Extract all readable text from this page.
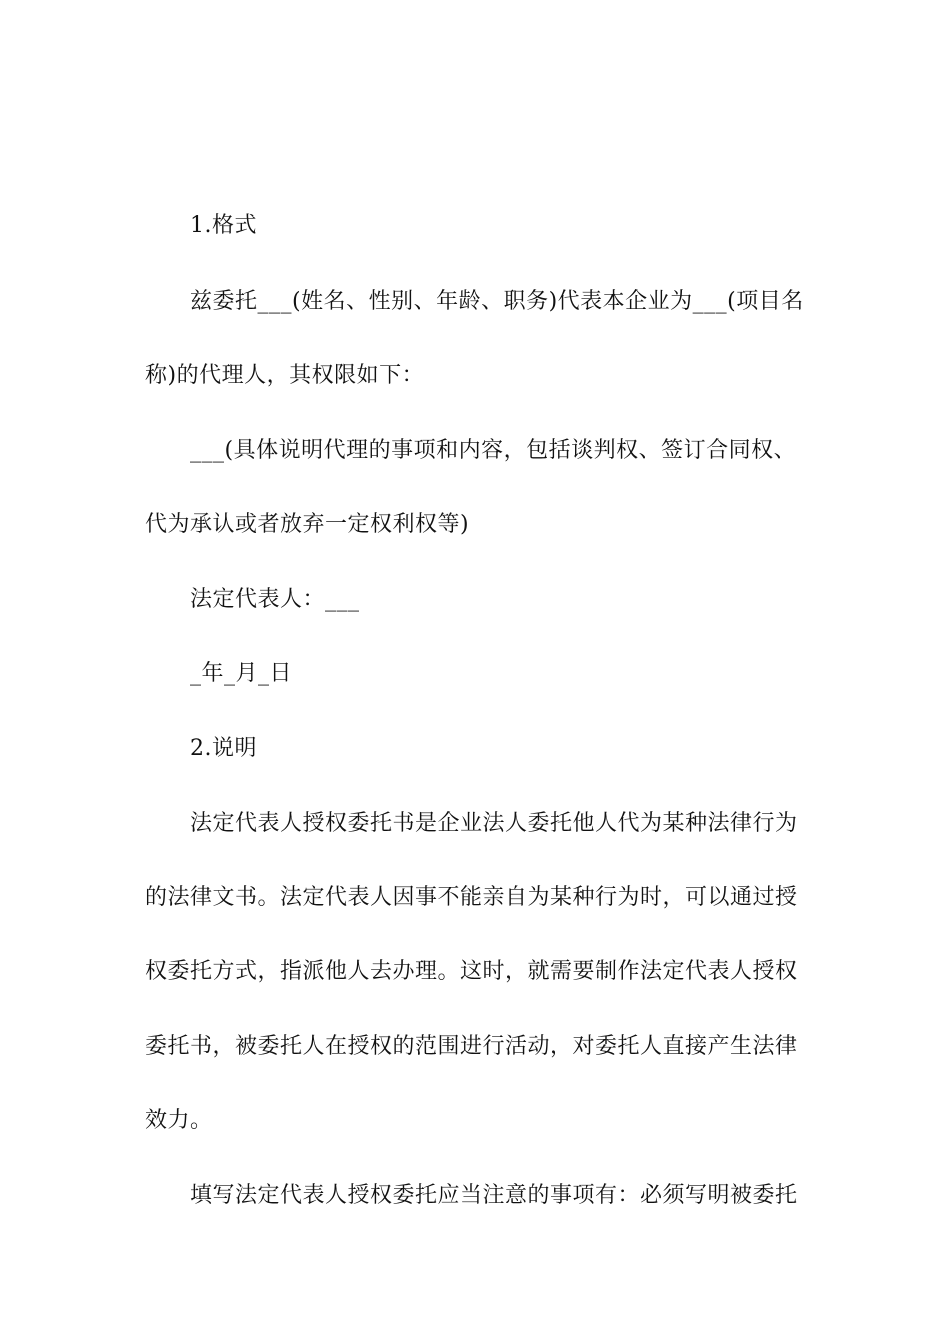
1.格式
兹委托___(姓名、性别、年龄、职务)代表本企业为___(项目名
称)的代理人，其权限如下：
___(具体说明代理的事项和内容，包括谈判权、签订合同权、
代为承认或者放弃一定权利权等)
法定代表人：___
_年_月_日
2.说明
法定代表人授权委托书是企业法人委托他人代为某种法律行为
的法律文书。法定代表人因事不能亲自为某种行为时，可以通过授
权委托方式，指派他人去办理。这时，就需要制作法定代表人授权
委托书，被委托人在授权的范围进行活动，对委托人直接产生法律
效力。
填写法定代表人授权委托应当注意的事项有：必须写明被委托
